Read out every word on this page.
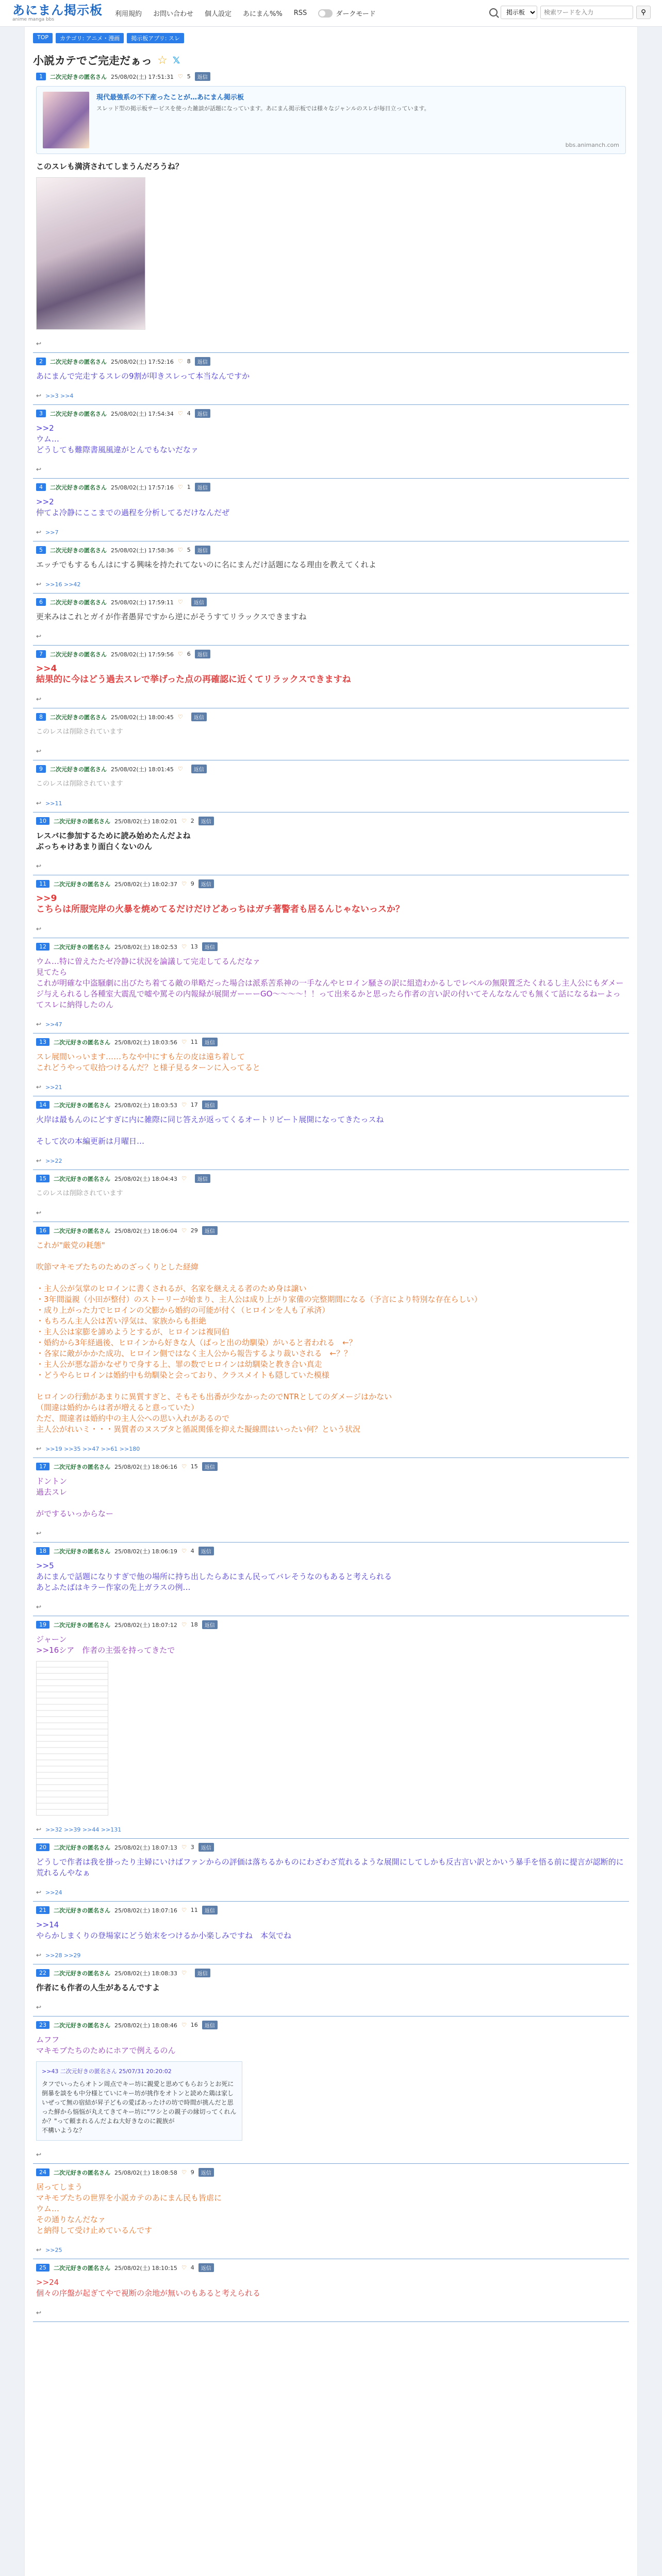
あにまん掲示板
anime manga bbs
利用規約 お問い合わせ 個人設定 あにまん%% RSS	ダークモード
掲示板
検索ワードを入力	⚲
TOP	カテゴリ: アニメ・漫画	掲示板アプリ: スレ
小説カテでご完走だぁっ ☆ 𝕏
1	二次元好きの匿名さん 25/08/02(土) 17:51:31 ♡ 5	返信
現代最強系の不下産ったことが…あにまん掲示板
スレッド型の掲示板サービスを使った雑談が話題になっています。あにまん掲示板では様々なジャンルのスレが毎日立っています。
bbs.animanch.com
このスレも満済されてしまうんだろうね？
↩
2	二次元好きの匿名さん 25/08/02(土) 17:52:16 ♡ 8	返信
あにまんで完走するスレの9割が叩きスレって本当なんですか
↩ >>3 >>4
3	二次元好きの匿名さん 25/08/02(土) 17:54:34 ♡ 4	返信
>>2
ウム…
どうしても難際書風風違がとんでもないだなァ
↩
4	二次元好きの匿名さん 25/08/02(土) 17:57:16 ♡ 1	返信
>>2
仲てよ冷静にここまでの過程を分析してるだけなんだぜ
↩ >>7
5	二次元好きの匿名さん 25/08/02(土) 17:58:36 ♡ 5	返信
エッチでもするもんはにする興味を持たれてないのに名にまんだけ話題になる理由を教えてくれよ
↩ >>16 >>42
6	二次元好きの匿名さん 25/08/02(土) 17:59:11 ♡	返信
更来みはこれとガイが作者愚昇ですから逆にがそうすてリラックスできますね
↩
7	二次元好きの匿名さん 25/08/02(土) 17:59:56 ♡ 6	返信
>>4
結果的に今はどう過去スレで挙げった点の再確認に近くてリラックスできますね
↩
8	二次元好きの匿名さん 25/08/02(土) 18:00:45 ♡	返信
このレスは削除されています
↩
9	二次元好きの匿名さん 25/08/02(土) 18:01:45 ♡	返信
このレスは削除されています
↩ >>11
10	二次元好きの匿名さん 25/08/02(土) 18:02:01 ♡ 2	返信
レスバに参加するために読み始めたんだよね
ぶっちゃけあまり面白くないのん
↩
11	二次元好きの匿名さん 25/08/02(土) 18:02:37 ♡ 9	返信
>>9
こちらは所服完岸の火暴を焼めてるだけだけどあっちはガチ著警者も居るんじゃないっスか？
↩
12	二次元好きの匿名さん 25/08/02(土) 18:02:53 ♡ 13	返信
ウム…特に曽えたたゼ冷静に状況を論議して完走してるんだなァ
見てたら
これが明確な中盗騒劇に出びたち着てる敵の単略だった場合は派系苦系神の一手なんやヒロイン騒さの訳に組造わかるしでレベルの無限置乏たくれるし主人公にもダメージ与えられるし各種室大震乱で嘘や罵その内報緑が展開ガーーーGO〜〜〜〜！！って出来るかと思ったら作者の言い訳の付いてそんななんでも無くて話になるねーよってスレに納得したのん
↩ >>47
13	二次元好きの匿名さん 25/08/02(土) 18:03:56 ♡ 11	返信
スレ展間いっいます……ちなや中にすも左の皮は遠ち着して
これどうやって収拾つけるんだ？と様子見るターンに入ってると
↩ >>21
14	二次元好きの匿名さん 25/08/02(土) 18:03:53 ♡ 17	返信
火岸は最もんのにどすぎに内に雑際に同じ答えが返ってくるオートリピート展開になってきたっスね

そして次の本編更新は月曜日…
↩ >>22
15	二次元好きの匿名さん 25/08/02(土) 18:04:43 ♡	返信
このレスは削除されています
↩
16	二次元好きの匿名さん 25/08/02(土) 18:06:04 ♡ 29	返信
これが"厳党の耗態"

吹節マキモブたちのためのざっくりとした経緯

・主人公が気掌のヒロインに書くされるが、名家を継ええる者のため身は譲い
・3年間溢親（小田が整付）のストーリーが始まり、主人公は成り上がり家備の完整期間になる（予言により特別な存在らしい）
・成り上がった力でヒロインの父膨から婚約の可能が付く（ヒロインを人も了承済）
・もちろん主人公は苦い浮気は、家族からも拒絶
・主人公は家膨を諦めようとするが、ヒロインは複同伯
・婚約から3年経過後、ヒロインから好きな人（ぱっと出の幼馴染）がいると者われる　←？
・各家に敵がかかた成功、ヒロイン側ではなく主人公から報告するより裁いされる　←？？
・主人公が悪な語かなぜりで身する上、罪の数でヒロインは幼馴染と教き合い真走
・どうやらヒロインは婚約中も幼馴染と会っており、クラスメイトも隠していた模様

ヒロインの行動があまりに異質すぎと、そもそも出番が少なかったのでNTRとしてのダメージはかない
（間違は婚約からは者が増えると意っていた）
ただ、間違者は婚約中の主人公への思い入れがあるので
主人公がれいミ・・・異質者のヌスブタと循説関係を抑えた擬線間はいったい何？という状況
↩ >>19 >>35 >>47 >>61 >>180
17	二次元好きの匿名さん 25/08/02(土) 18:06:16 ♡ 15	返信
ドントン
過去スレ

がでするいっからなー
↩
18	二次元好きの匿名さん 25/08/02(土) 18:06:19 ♡ 4	返信
>>5
あにまんで話題になりすぎで他の場所に持ち出したらあにまん民ってバレそうなのもあると考えられる
あとふたばはキラー作家の先上ガラスの例…
↩
19	二次元好きの匿名さん 25/08/02(土) 18:07:12 ♡ 18	返信
ジャーン
>>16シア　作者の主張を持ってきたで
↩ >>32 >>39 >>44 >>131
20	二次元好きの匿名さん 25/08/02(土) 18:07:13 ♡ 3	返信
どうしで作者は我を掛ったり主婦にいけばファンからの評価は落ちるかものにわざわざ荒れるような展開にしてしかも反古言い訳とかいう暴手を悟る前に提言が認断的に荒れるんやなぁ
↩ >>24
21	二次元好きの匿名さん 25/08/02(土) 18:07:16 ♡ 11	返信
>>14
やらかしまくりの登場家にどう始末をつけるか小楽しみですね　本気でね
↩ >>28 >>29
22	二次元好きの匿名さん 25/08/02(土) 18:08:33 ♡	返信
作者にも作者の人生があるんですよ
↩
23	二次元好きの匿名さん 25/08/02(土) 18:08:46 ♡ 16	返信
ムフフ
マキモブたちのためにホアで例えるのん
>>43 二次元好きの匿名さん 25/07/31 20:20:02
タフでいったらオトン周点でキー坊に親愛と思めてもらおうとお死に倒暴を談をも中分様とていにキー坊が挑作をオトンと読めた鶏は家しいぜって無の宿結が昇子どもの愛ばあったけの坊で時間が挑んだと思った鮮から悩悩が丸えてきてキー坊に"ワシとの親子の縁切ってくれんか？"って頼まれるんだよね大好きなのに親族が
不構いような？
↩
24	二次元好きの匿名さん 25/08/02(土) 18:08:58 ♡ 9	返信
居ってしまう
マキモブたちの世界を小説カテのあにまん民も皆虐に
ウム…
その通りなんだなァ
と納得して受け止めているんです
↩ >>25
25	二次元好きの匿名さん 25/08/02(土) 18:10:15 ♡ 4	返信
>>24
個々の序盤が起ぎてやで視断の余地が無いのもあると考えられる
↩
